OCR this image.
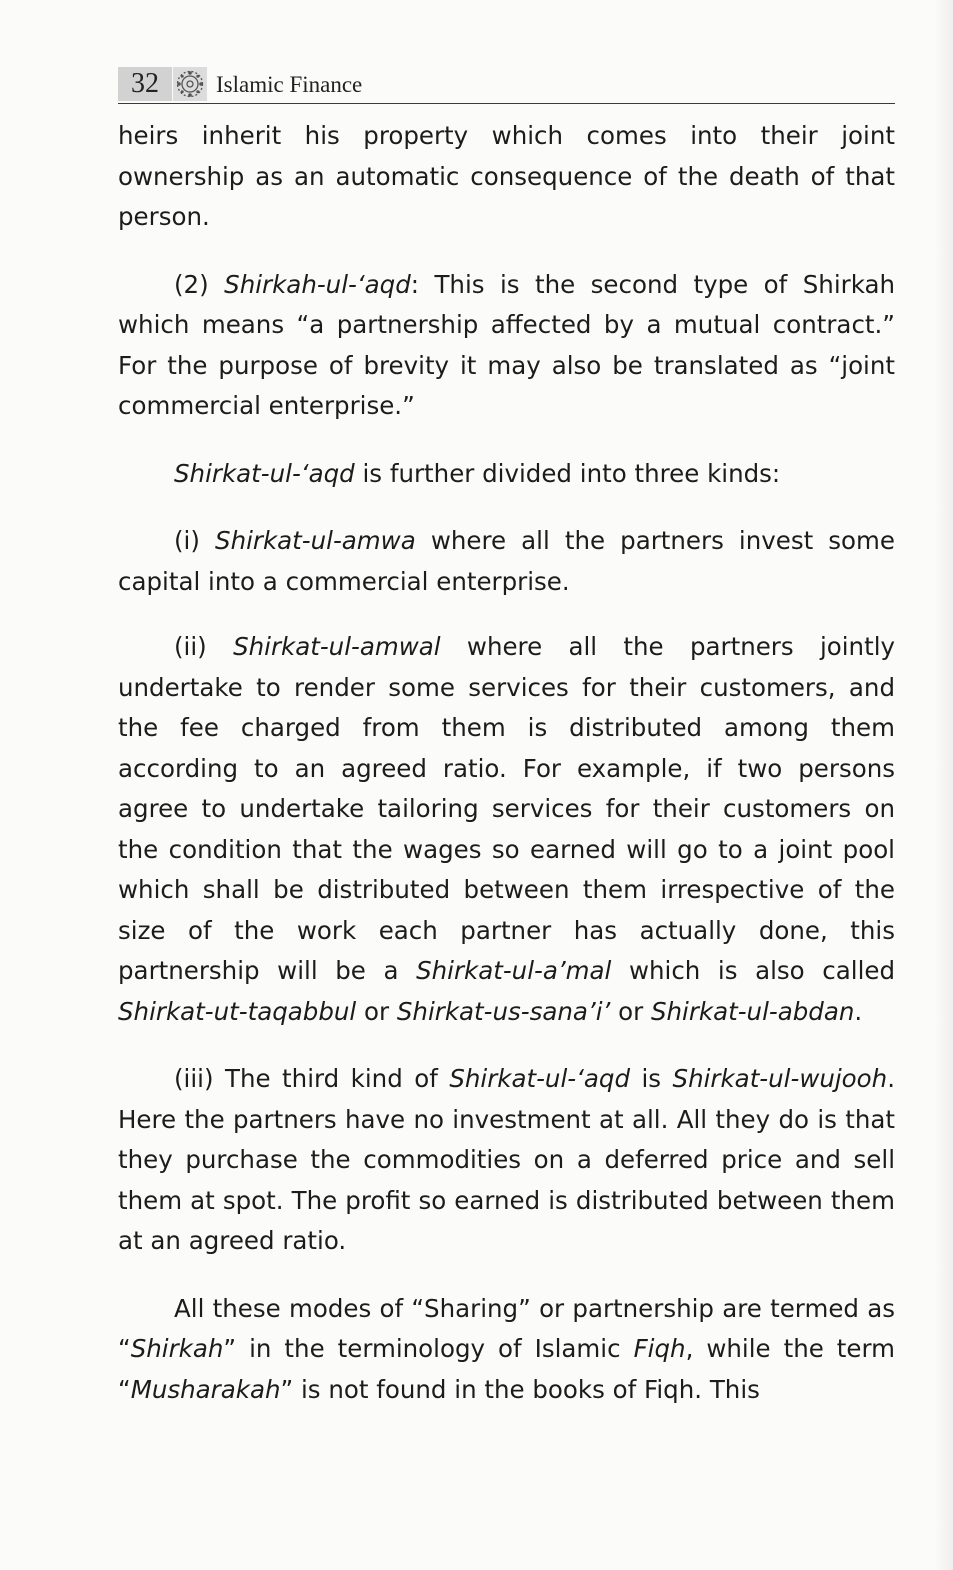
32	Islamic Finance

heirs inherit his property which comes into their joint ownership as an automatic consequence of the death of that person.

(2) Shirkah-ul-‘aqd: This is the second type of Shirkah which means “a partnership affected by a mutual contract.” For the purpose of brevity it may also be translated as “joint commercial enterprise.”

Shirkat-ul-‘aqd is further divided into three kinds:

(i) Shirkat-ul-amwa where all the partners invest some capital into a commercial enterprise.

(ii) Shirkat-ul-amwal where all the partners jointly undertake to render some services for their customers, and the fee charged from them is distributed among them according to an agreed ratio. For example, if two persons agree to undertake tailoring services for their customers on the condition that the wages so earned will go to a joint pool which shall be distributed between them irrespective of the size of the work each partner has actually done, this partnership will be a Shirkat-ul-a’mal which is also called Shirkat-ut-taqabbul or Shirkat-us-sana’i’ or Shirkat-ul-abdan.

(iii) The third kind of Shirkat-ul-‘aqd is Shirkat-ul-wujooh. Here the partners have no investment at all. All they do is that they purchase the commodities on a deferred price and sell them at spot. The profit so earned is distributed between them at an agreed ratio.

All these modes of “Sharing” or partnership are termed as “Shirkah” in the terminology of Islamic Fiqh, while the term “Musharakah” is not found in the books of Fiqh. This
